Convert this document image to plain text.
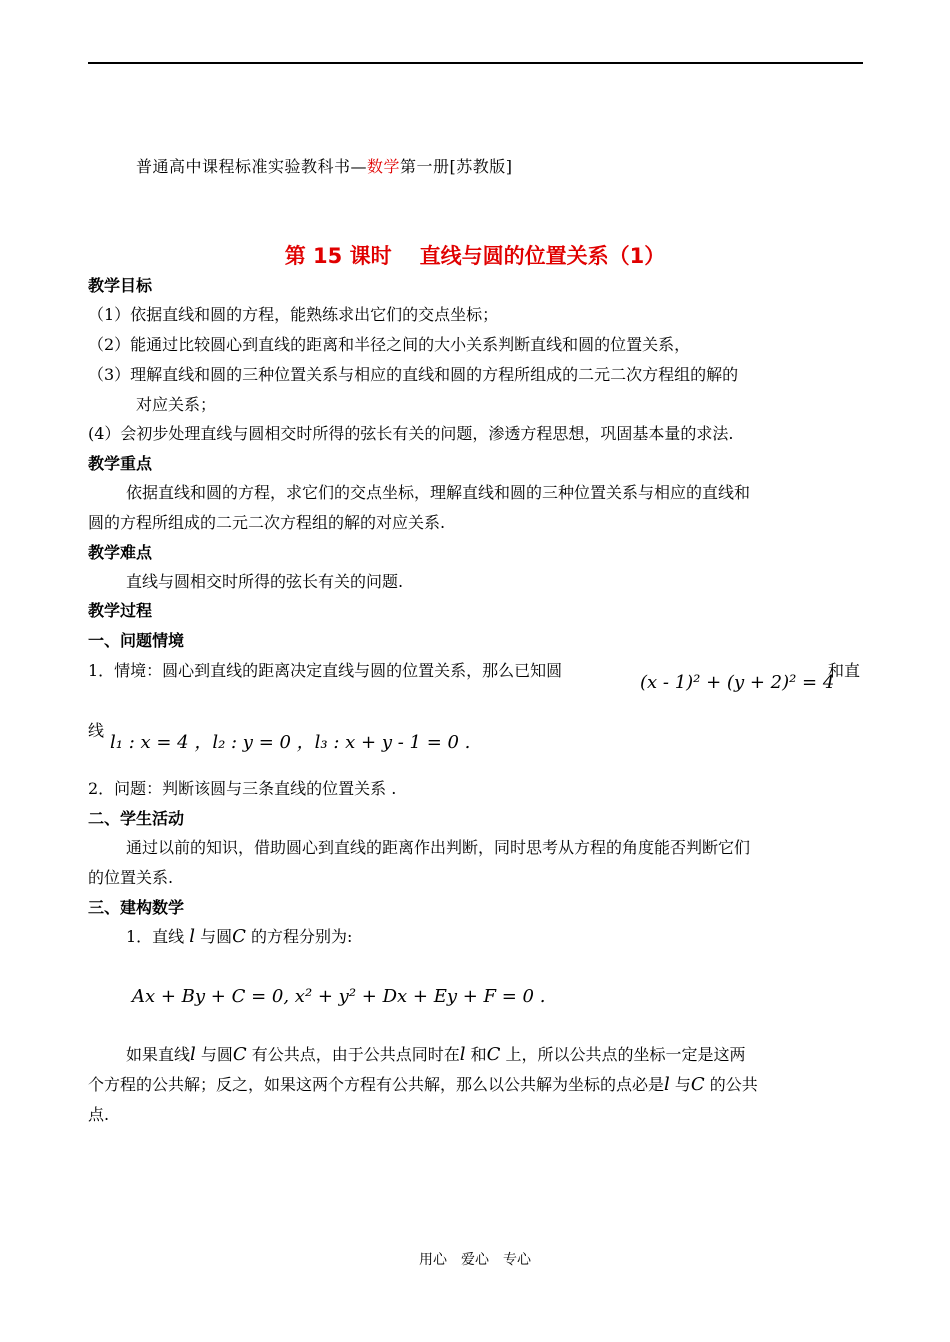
普通高中课程标准实验教科书—数学第一册[苏教版]
第 15 课时 直线与圆的位置关系（1）
教学目标
（1）依据直线和圆的方程，能熟练求出它们的交点坐标；
（2）能通过比较圆心到直线的距离和半径之间的大小关系判断直线和圆的位置关系，
（3）理解直线和圆的三种位置关系与相应的直线和圆的方程所组成的二元二次方程组的解的
对应关系；
(4）会初步处理直线与圆相交时所得的弦长有关的问题，渗透方程思想，巩固基本量的求法.
教学重点
依据直线和圆的方程，求它们的交点坐标，理解直线和圆的三种位置关系与相应的直线和
圆的方程所组成的二元二次方程组的解的对应关系.
教学难点
直线与圆相交时所得的弦长有关的问题.
教学过程
一、问题情境
1．情境：圆心到直线的距离决定直线与圆的位置关系，那么已知圆
(x - 1)² + (y + 2)² = 4
和直
线
l₁ : x = 4 ，l₂ : y = 0 ，l₃ : x + y - 1 = 0 .
2．问题：判断该圆与三条直线的位置关系 .
二、学生活动
通过以前的知识，借助圆心到直线的距离作出判断，同时思考从方程的角度能否判断它们
的位置关系.
三、建构数学
1．直线 l 与圆C 的方程分别为:
Ax + By + C = 0, x² + y² + Dx + Ey + F = 0 .
如果直线l 与圆C 有公共点，由于公共点同时在l 和C 上，所以公共点的坐标一定是这两
个方程的公共解；反之，如果这两个方程有公共解，那么以公共解为坐标的点必是l 与C 的公共
点.
用心　爱心　专心
